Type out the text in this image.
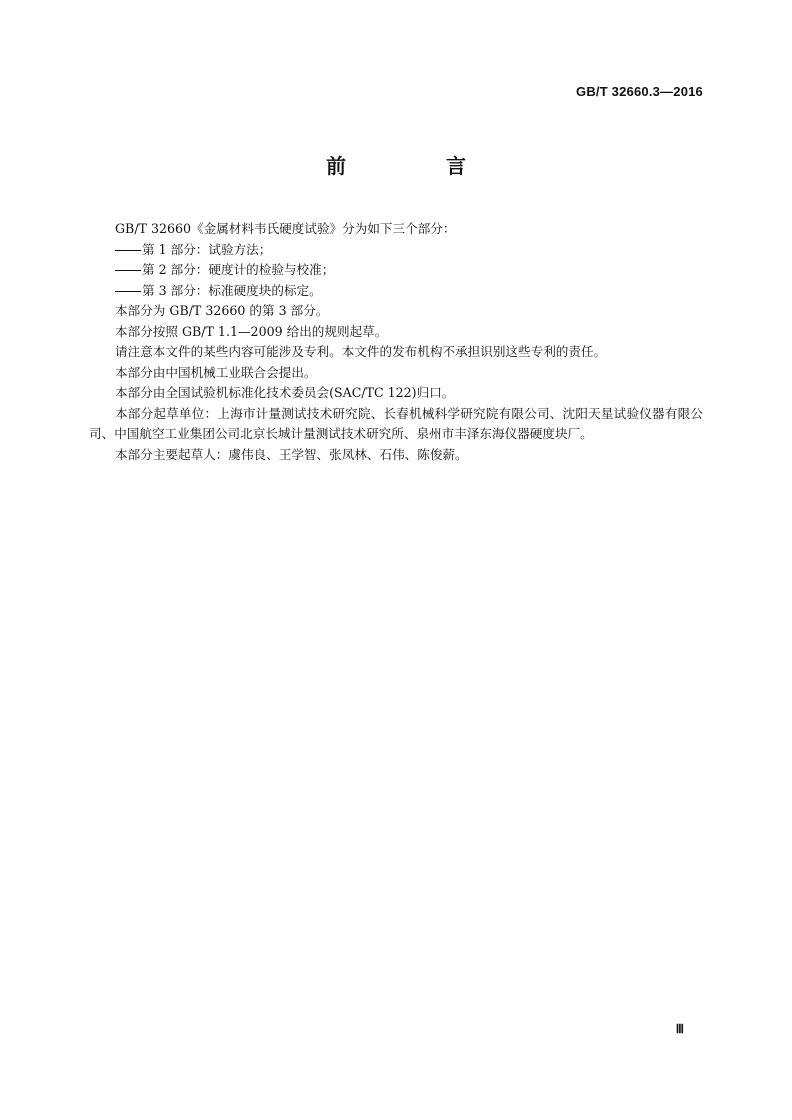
GB/T 32660.3—2016
前　言

GB/T 32660《金属材料韦氏硬度试验》分为如下三个部分：

第 1 部分：试验方法；

第 2 部分：硬度计的检验与校准；

第 3 部分：标准硬度块的标定。

本部分为 GB/T 32660 的第 3 部分。

本部分按照 GB/T 1.1—2009 给出的规则起草。

请注意本文件的某些内容可能涉及专利。本文件的发布机构不承担识别这些专利的责任。

本部分由中国机械工业联合会提出。

本部分由全国试验机标准化技术委员会(SAC/TC 122)归口。

本部分起草单位：上海市计量测试技术研究院、长春机械科学研究院有限公司、沈阳天星试验仪器有限公司、中国航空工业集团公司北京长城计量测试技术研究所、泉州市丰泽东海仪器硬度块厂。

本部分主要起草人：虞伟良、王学智、张凤林、石伟、陈俊薪。

Ⅲ
